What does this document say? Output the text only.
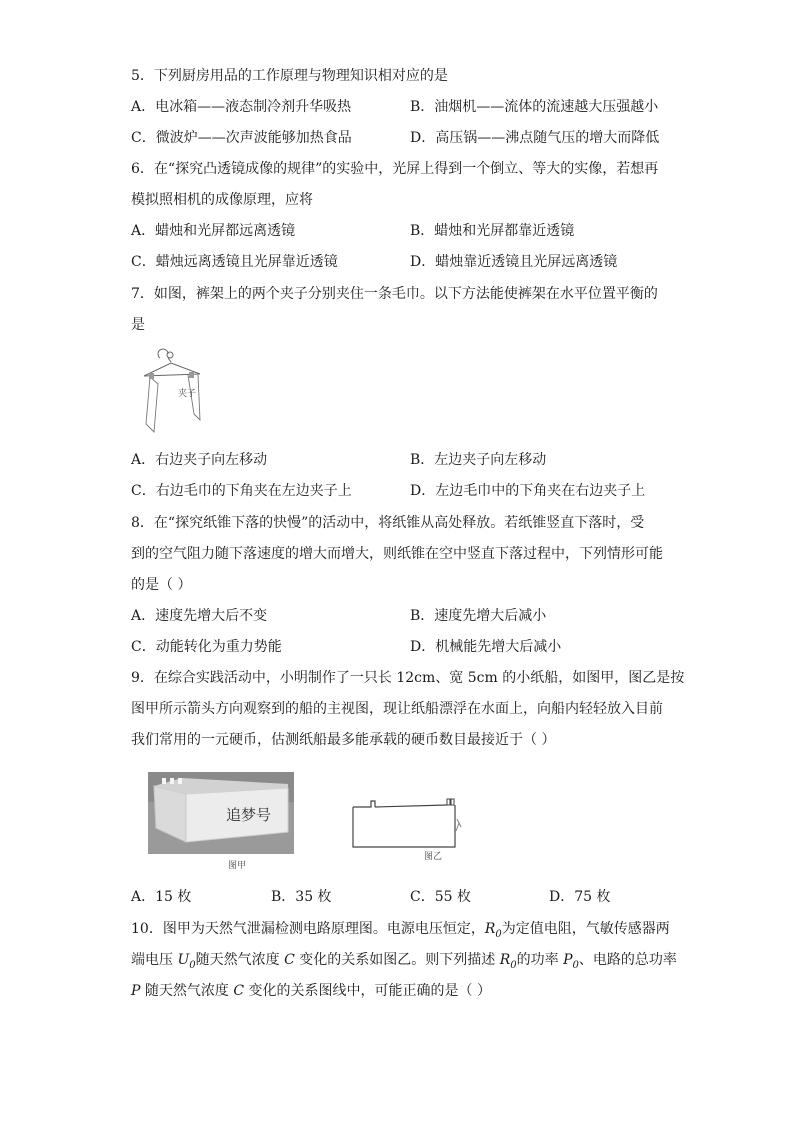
5．下列厨房用品的工作原理与物理知识相对应的是
A．电冰箱——液态制冷剂升华吸热	B．油烟机——流体的流速越大压强越小
C．微波炉——次声波能够加热食品	D．高压锅——沸点随气压的增大而降低
6．在“探究凸透镜成像的规律”的实验中，光屏上得到一个倒立、等大的实像，若想再
模拟照相机的成像原理，应将
A．蜡烛和光屏都远离透镜	B．蜡烛和光屏都靠近透镜
C．蜡烛远离透镜且光屏靠近透镜	D．蜡烛靠近透镜且光屏远离透镜
7．如图，裤架上的两个夹子分别夹住一条毛巾。以下方法能使裤架在水平位置平衡的
是
夹子
A．右边夹子向左移动	B．左边夹子向左移动
C．右边毛巾的下角夹在左边夹子上	D．左边毛巾中的下角夹在右边夹子上
8．在“探究纸锥下落的快慢”的活动中，将纸锥从高处释放。若纸锥竖直下落时，受
到的空气阻力随下落速度的增大而增大，则纸锥在空中竖直下落过程中，下列情形可能
的是（ ）
A．速度先增大后不变	B．速度先增大后减小
C．动能转化为重力势能	D．机械能先增大后减小
9．在综合实践活动中，小明制作了一只长 12cm、宽 5cm 的小纸船，如图甲，图乙是按
图甲所示箭头方向观察到的船的主视图，现让纸船漂浮在水面上，向船内轻轻放入目前
我们常用的一元硬币，估测纸船最多能承载的硬币数目最接近于（ ）
追梦号
图甲
图乙
A．15 枚	B．35 枚	C．55 枚	D．75 枚
10．图甲为天然气泄漏检测电路原理图。电源电压恒定，$R_0$为定值电阻，气敏传感器两
端电压 $U_0$随天然气浓度 C 变化的关系如图乙。则下列描述 $R_0$的功率 $P_0$、电路的总功率
P 随天然气浓度 C 变化的关系图线中，可能正确的是（ ）
